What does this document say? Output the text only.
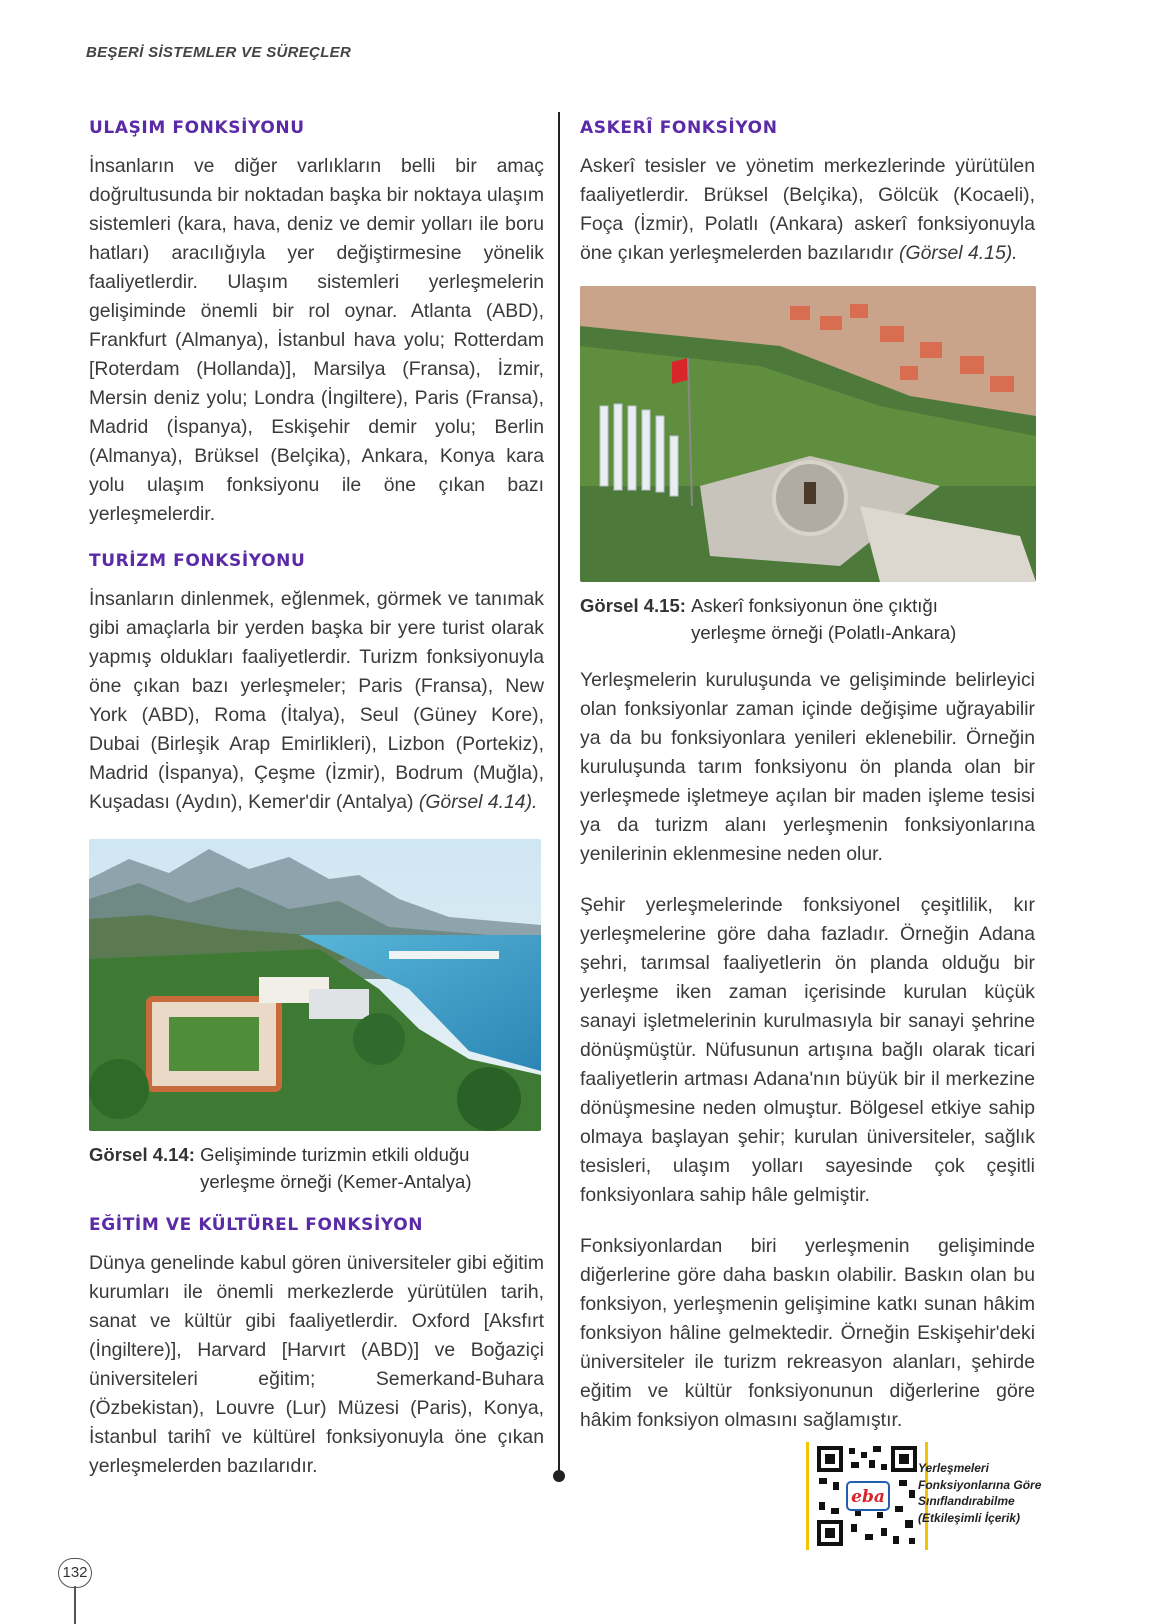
BEŞERİ SİSTEMLER VE SÜREÇLER
ULAŞIM FONKSİYONU

İnsanların ve diğer varlıkların belli bir amaç doğrultusunda bir noktadan başka bir noktaya ulaşım sistemleri (kara, hava, deniz ve demir yolları ile boru hatları) aracılığıyla yer değiştirmesine yönelik faaliyetlerdir. Ulaşım sistemleri yerleşmelerin gelişiminde önemli bir rol oynar. Atlanta (ABD), Frankfurt (Almanya), İstanbul hava yolu; Rotterdam [Roterdam (Hollanda)], Marsilya (Fransa), İzmir, Mersin deniz yolu; Londra (İngiltere), Paris (Fransa), Madrid (İspanya), Eskişehir demir yolu; Berlin (Almanya), Brüksel (Belçika), Ankara, Konya kara yolu ulaşım fonksiyonu ile öne çıkan bazı yerleşmelerdir.

TURİZM FONKSİYONU

İnsanların dinlenmek, eğlenmek, görmek ve tanımak gibi amaçlarla bir yerden başka bir yere turist olarak yapmış oldukları faaliyetlerdir. Turizm fonksiyonuyla öne çıkan bazı yerleşmeler; Paris (Fransa), New York (ABD), Roma (İtalya), Seul (Güney Kore), Dubai (Birleşik Arap Emirlikleri), Lizbon (Portekiz), Madrid (İspanya), Çeşme (İzmir), Bodrum (Muğla), Kuşadası (Aydın), Kemer'dir (Antalya) (Görsel 4.14).

Görsel 4.14: Gelişiminde turizmin etkili olduğu yerleşme örneği (Kemer-Antalya)
EĞİTİM VE KÜLTÜREL FONKSİYON

Dünya genelinde kabul gören üniversiteler gibi eğitim kurumları ile önemli merkezlerde yürütülen tarih, sanat ve kültür gibi faaliyetlerdir. Oxford [Aksfırt (İngiltere)], Harvard [Harvırt (ABD)] ve Boğaziçi üniversiteleri eğitim; Semerkand-Buhara (Özbekistan), Louvre (Lur) Müzesi (Paris), Konya, İstanbul tarihî ve kültürel fonksiyonuyla öne çıkan yerleşmelerden bazılarıdır.

ASKERÎ FONKSİYON

Askerî tesisler ve yönetim merkezlerinde yürütülen faaliyetlerdir. Brüksel (Belçika), Gölcük (Kocaeli), Foça (İzmir), Polatlı (Ankara) askerî fonksiyonuyla öne çıkan yerleşmelerden bazılarıdır (Görsel 4.15).

Görsel 4.15: Askerî fonksiyonun öne çıktığı yerleşme örneği (Polatlı-Ankara)

Yerleşmelerin kuruluşunda ve gelişiminde belirleyici olan fonksiyonlar zaman içinde değişime uğrayabilir ya da bu fonksiyonlara yenileri eklenebilir. Örneğin kuruluşunda tarım fonksiyonu ön planda olan bir yerleşmede işletmeye açılan bir maden işleme tesisi ya da turizm alanı yerleşmenin fonksiyonlarına yenilerinin eklenmesine neden olur.

Şehir yerleşmelerinde fonksiyonel çeşitlilik, kır yerleşmelerine göre daha fazladır. Örneğin Adana şehri, tarımsal faaliyetlerin ön planda olduğu bir yerleşme iken zaman içerisinde kurulan küçük sanayi işletmelerinin kurulmasıyla bir sanayi şehrine dönüşmüştür. Nüfusunun artışına bağlı olarak ticari faaliyetlerin artması Adana'nın büyük bir il merkezine dönüşmesine neden olmuştur. Bölgesel etkiye sahip olmaya başlayan şehir; kurulan üniversiteler, sağlık tesisleri, ulaşım yolları sayesinde çok çeşitli fonksiyonlara sahip hâle gelmiştir.

Fonksiyonlardan biri yerleşmenin gelişiminde diğerlerine göre daha baskın olabilir. Baskın olan bu fonksiyon, yerleşmenin gelişimine katkı sunan hâkim fonksiyon hâline gelmektedir. Örneğin Eskişehir'deki üniversiteler ile turizm rekreasyon alanları, şehirde eğitim ve kültür fonksiyonunun diğerlerine göre hâkim fonksiyon olmasını sağlamıştır.

eba
Yerleşmeleri
Fonksiyonlarına Göre
Sınıflandırabilme
(Etkileşimli İçerik)
132
